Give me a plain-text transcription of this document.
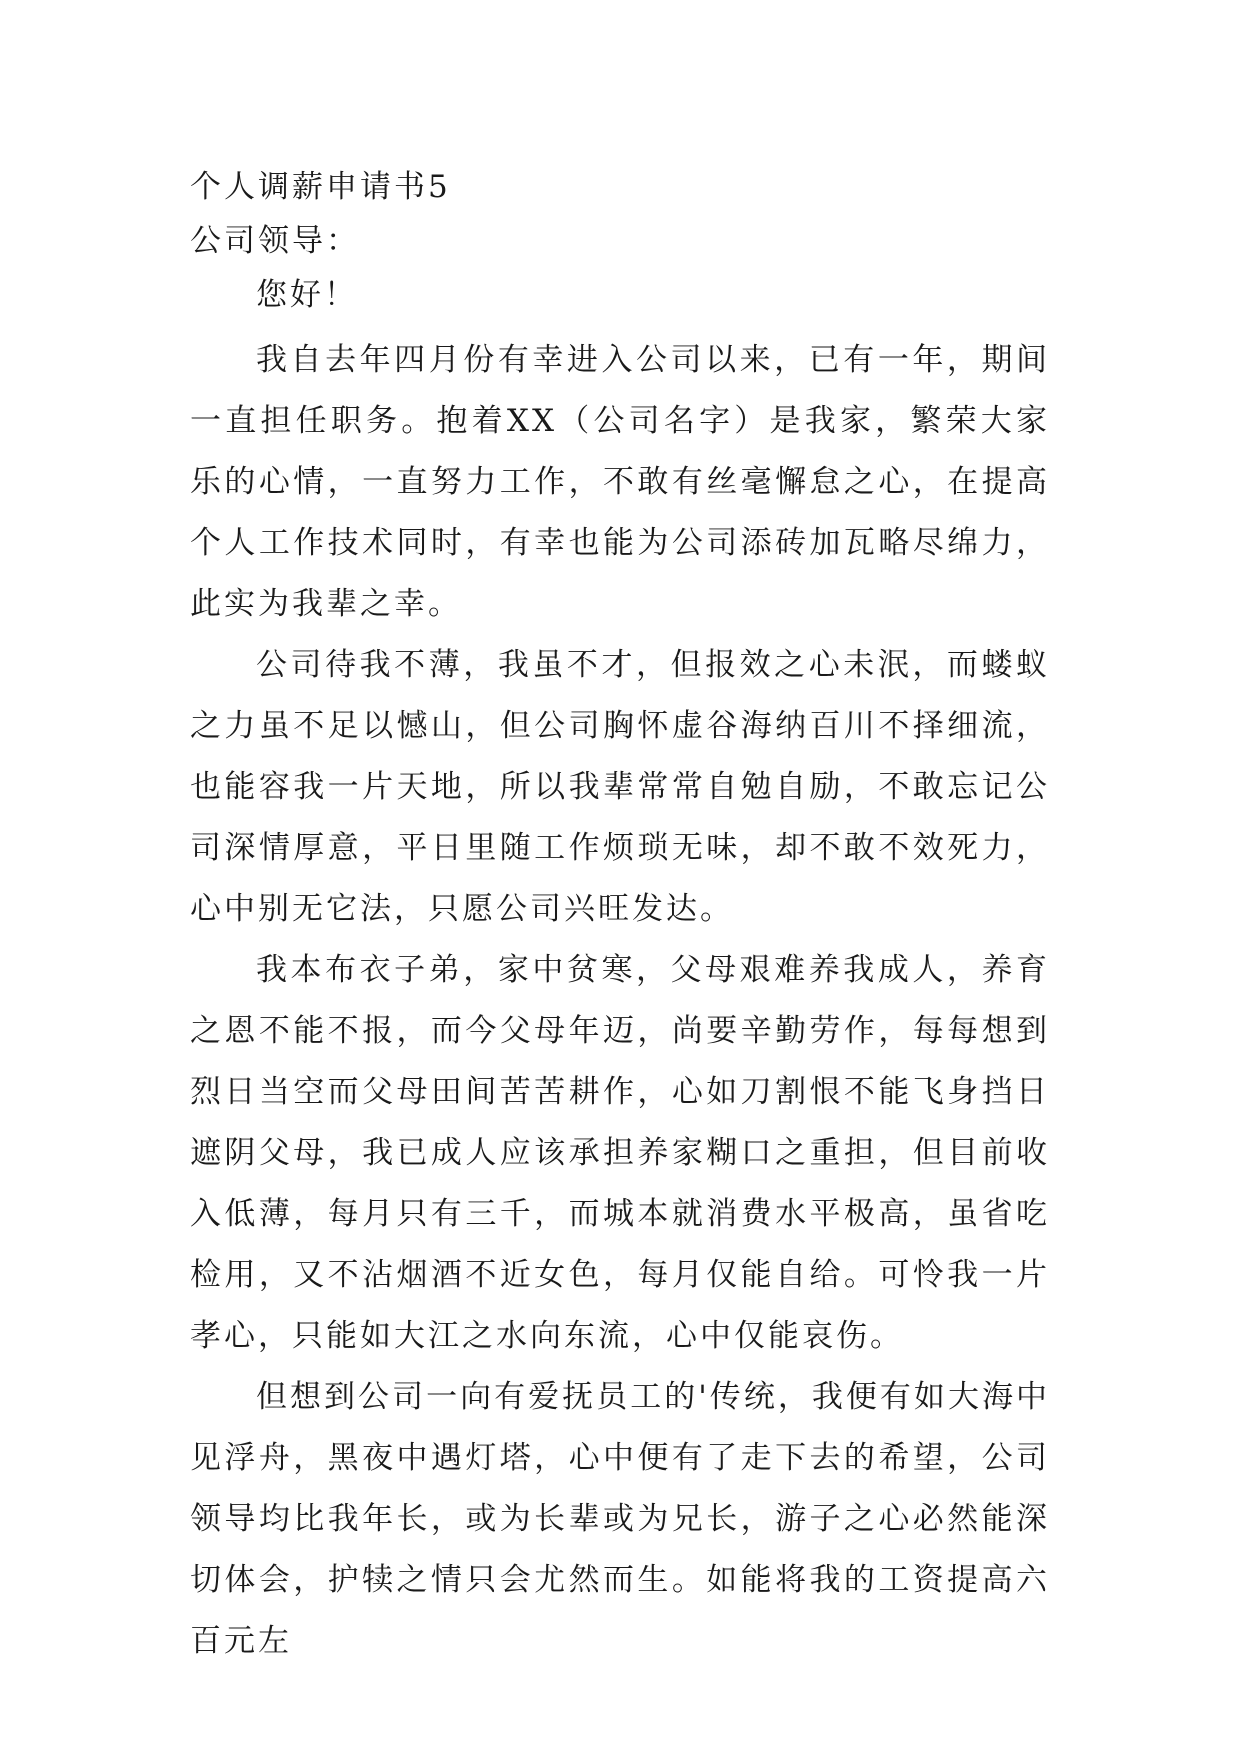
个人调薪申请书5

公司领导：

您好！

我自去年四月份有幸进入公司以来，已有一年，期间一直担任职务。抱着XX（公司名字）是我家，繁荣大家乐的心情，一直努力工作，不敢有丝毫懈怠之心，在提高个人工作技术同时，有幸也能为公司添砖加瓦略尽绵力，此实为我辈之幸。

公司待我不薄，我虽不才，但报效之心未泯，而蝼蚁之力虽不足以憾山，但公司胸怀虚谷海纳百川不择细流，也能容我一片天地，所以我辈常常自勉自励，不敢忘记公司深情厚意，平日里随工作烦琐无味，却不敢不效死力，心中别无它法，只愿公司兴旺发达。

我本布衣子弟，家中贫寒，父母艰难养我成人，养育之恩不能不报，而今父母年迈，尚要辛勤劳作，每每想到烈日当空而父母田间苦苦耕作，心如刀割恨不能飞身挡日遮阴父母，我已成人应该承担养家糊口之重担，但目前收入低薄，每月只有三千，而城本就消费水平极高，虽省吃检用，又不沾烟酒不近女色，每月仅能自给。可怜我一片孝心，只能如大江之水向东流，心中仅能哀伤。

但想到公司一向有爱抚员工的'传统，我便有如大海中见浮舟，黑夜中遇灯塔，心中便有了走下去的希望，公司领导均比我年长，或为长辈或为兄长，游子之心必然能深切体会，护犊之情只会尤然而生。如能将我的工资提高六百元左
